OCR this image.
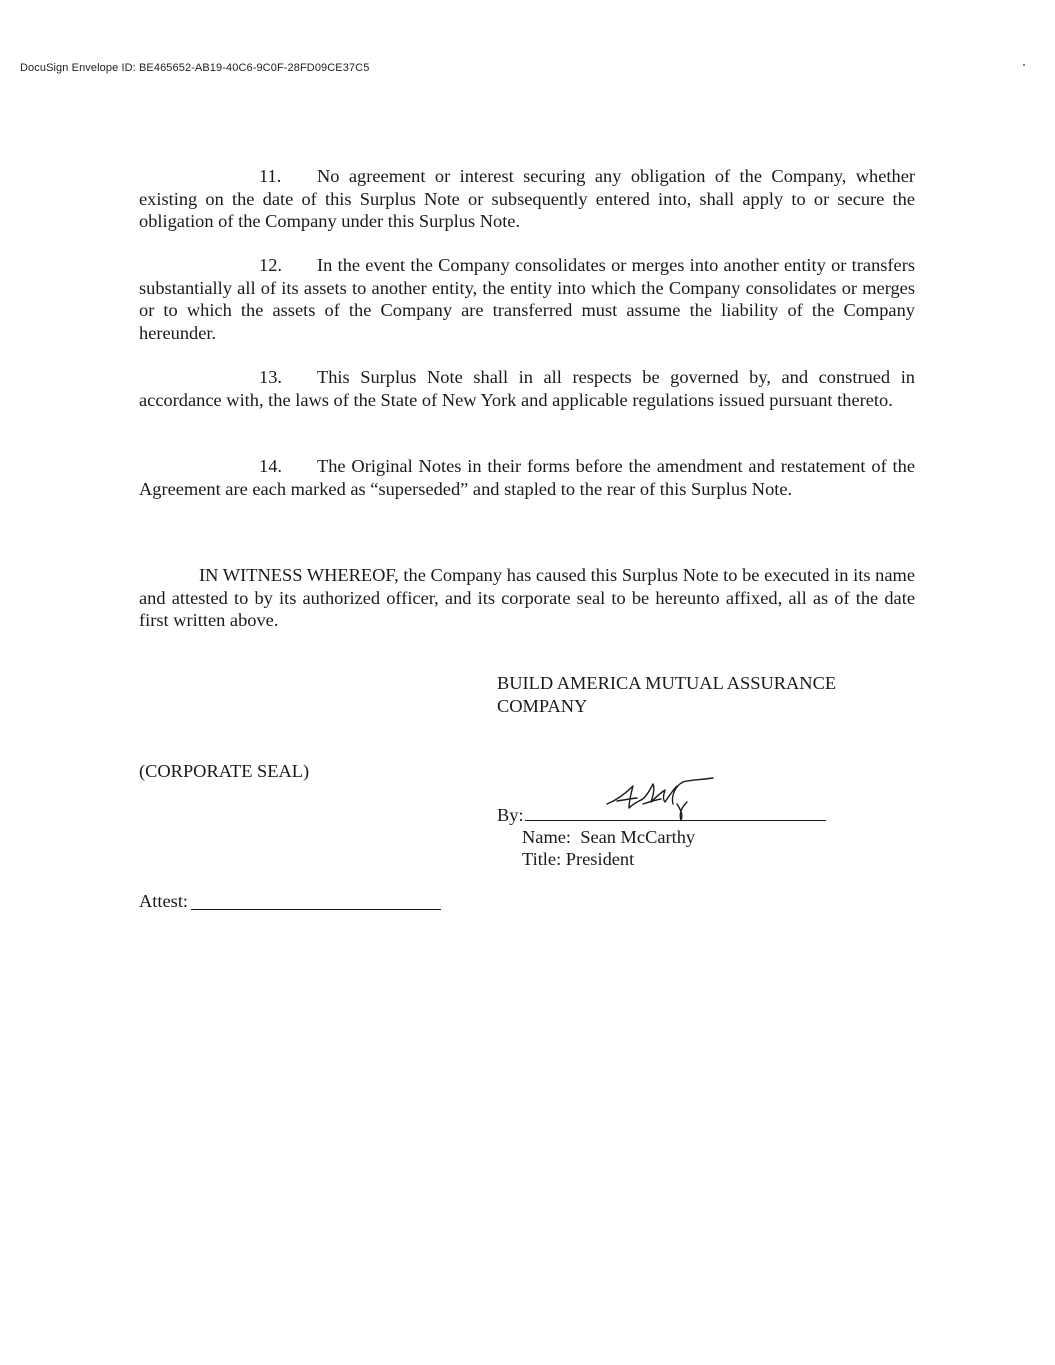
DocuSign Envelope ID: BE465652-AB19-40C6-9C0F-28FD09CE37C5

11. No agreement or interest securing any obligation of the Company, whether existing on the date of this Surplus Note or subsequently entered into, shall apply to or secure the obligation of the Company under this Surplus Note.

12. In the event the Company consolidates or merges into another entity or transfers substantially all of its assets to another entity, the entity into which the Company consolidates or merges or to which the assets of the Company are transferred must assume the liability of the Company hereunder.

13. This Surplus Note shall in all respects be governed by, and construed in accordance with, the laws of the State of New York and applicable regulations issued pursuant thereto.

14. The Original Notes in their forms before the amendment and restatement of the Agreement are each marked as “superseded” and stapled to the rear of this Surplus Note.

IN WITNESS WHEREOF, the Company has caused this Surplus Note to be executed in its name and attested to by its authorized officer, and its corporate seal to be hereunto affixed, all as of the date first written above.

BUILD AMERICA MUTUAL ASSURANCE
COMPANY
(CORPORATE SEAL)
By:
Name:  Sean McCarthy
Title: President
Attest:
